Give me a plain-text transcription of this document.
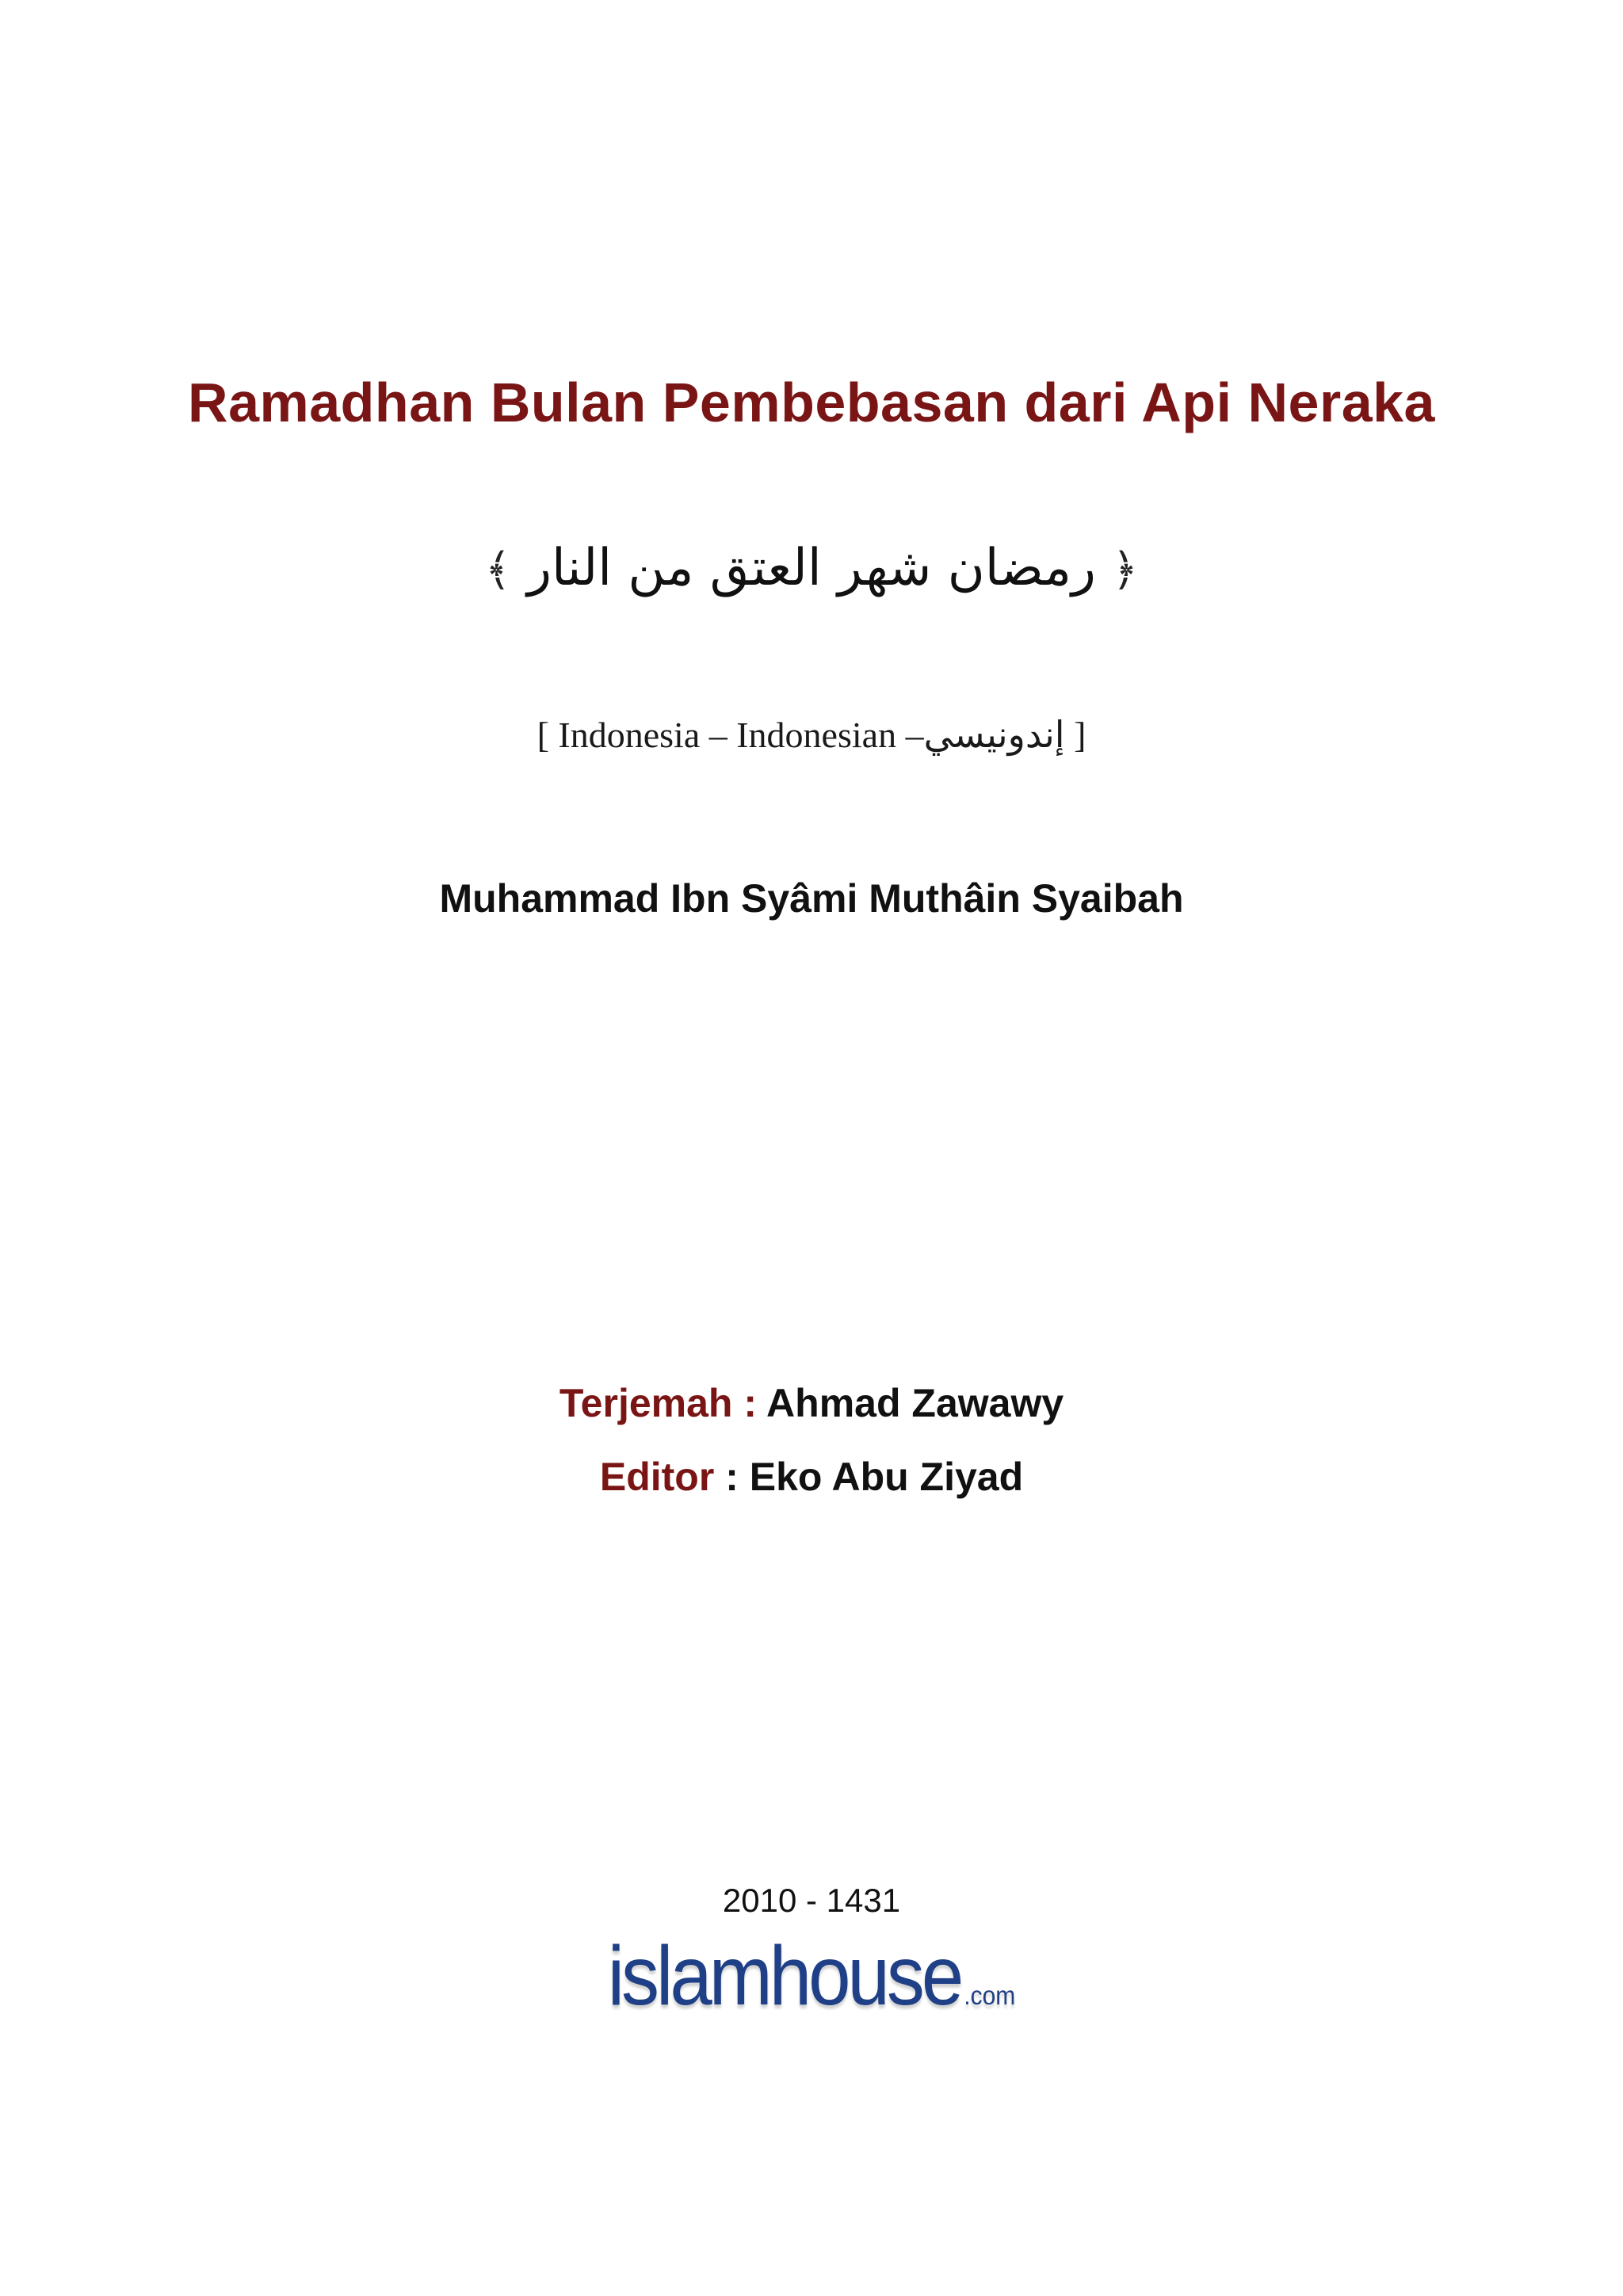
Ramadhan Bulan Pembebasan dari Api Neraka
﴿ رمضان شهر العتق من النار ﴾
[ Indonesia – Indonesian –إندونيسي ]
Muhammad Ibn Syâmi Muthâin Syaibah
Terjemah : Ahmad Zawawy
Editor : Eko Abu Ziyad
2010 - 1431
islamhouse .com
